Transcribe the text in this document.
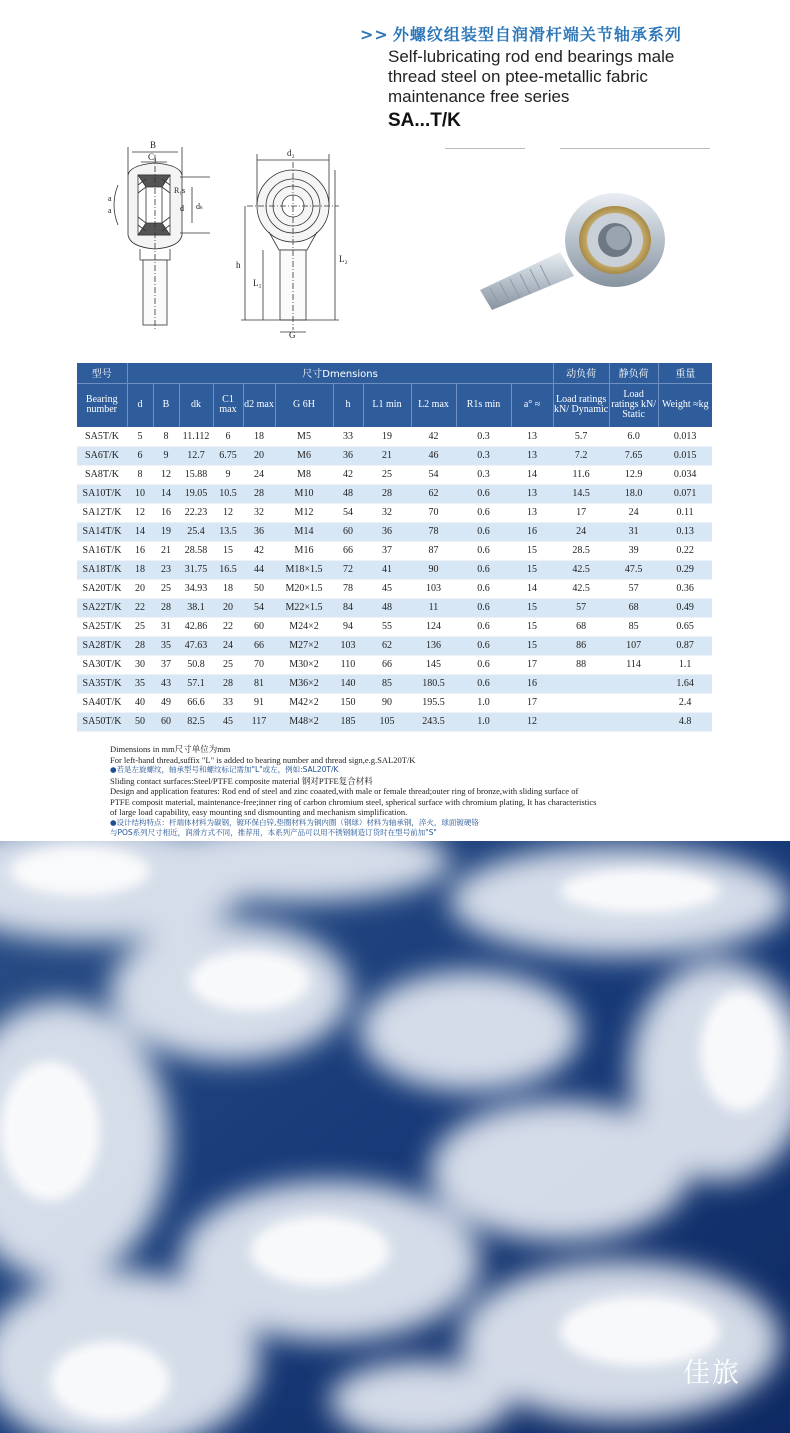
>> 外螺纹组装型自润滑杆端关节轴承系列
Self-lubricating rod end bearings male
thread steel on ptee-metallic fabric
maintenance free series
SA...T/K
B
C₁
R₁s
d dₖ
a
a
d₂
h
L₁
L₂
G
型号	尺寸Dmensions											动负荷	静负荷	重量
Bearing number	d	B	dk	C1 max	d2 max	G 6H	h	L1 min	L2 max	R1s min	a° ≈	Load ratings kN/ Dynamic	Load ratings kN/ Static	Weight ≈kg
SA5T/K	5	8	11.112	6	18	M5	33	19	42	0.3	13	5.7	6.0	0.013
SA6T/K	6	9	12.7	6.75	20	M6	36	21	46	0.3	13	7.2	7.65	0.015
SA8T/K	8	12	15.88	9	24	M8	42	25	54	0.3	14	11.6	12.9	0.034
SA10T/K	10	14	19.05	10.5	28	M10	48	28	62	0.6	13	14.5	18.0	0.071
SA12T/K	12	16	22.23	12	32	M12	54	32	70	0.6	13	17	24	0.11
SA14T/K	14	19	25.4	13.5	36	M14	60	36	78	0.6	16	24	31	0.13
SA16T/K	16	21	28.58	15	42	M16	66	37	87	0.6	15	28.5	39	0.22
SA18T/K	18	23	31.75	16.5	44	M18×1.5	72	41	90	0.6	15	42.5	47.5	0.29
SA20T/K	20	25	34.93	18	50	M20×1.5	78	45	103	0.6	14	42.5	57	0.36
SA22T/K	22	28	38.1	20	54	M22×1.5	84	48	11	0.6	15	57	68	0.49
SA25T/K	25	31	42.86	22	60	M24×2	94	55	124	0.6	15	68	85	0.65
SA28T/K	28	35	47.63	24	66	M27×2	103	62	136	0.6	15	86	107	0.87
SA30T/K	30	37	50.8	25	70	M30×2	110	66	145	0.6	17	88	114	1.1
SA35T/K	35	43	57.1	28	81	M36×2	140	85	180.5	0.6	16			1.64
SA40T/K	40	49	66.6	33	91	M42×2	150	90	195.5	1.0	17			2.4
SA50T/K	50	60	82.5	45	117	M48×2	185	105	243.5	1.0	12			4.8
Dimensions in mm尺寸单位为mm
For left-hand thread,suffix "L" is added to bearing number and thread sign,e.g.SAL20T/K
●若是左旋螺纹，轴承型号和螺纹标记需加"L"或左，例如:SAL20T/K
Sliding contact surfaces:Steel/PTFE composite material 钢对PTFE复合材料
Design and application features: Rod end of steel and zinc coaated,with male or female thread;outer ring of bronze,with sliding surface of
PTFE composit material, maintenance-free;inner ring of carbon chromium steel, spherical surface with chromium plating, It has characteristics
of large load capability, easy mounting snd dismounting and mechanism simplification.
●设计结构特点：杆端体材料为碳钢，镀环保白锌,垫圈材料为铜内圈（钢球）材料为轴承钢，淬火，球面镀硬铬
与POS系列尺寸相近，润滑方式不同，推荐用，本系列产品可以用不锈钢制造订货时在型号前加"S"
佳旅
